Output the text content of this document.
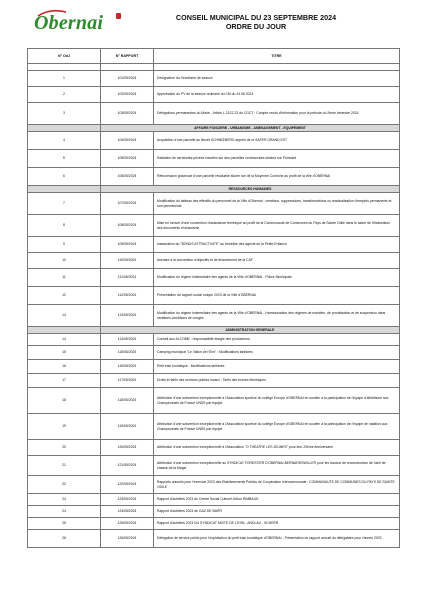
Obernai	CONSEIL MUNICIPAL DU 23 SEPTEMBRE 2024
ORDRE DU JOUR
N° OdJ	N° RAPPORT	TITRE

1	101/05/2024	Désignation du Secrétaire de séance
2	102/05/2024	Approbation du PV de la séance ordinaire du CM du 24 06 2024
3	103/05/2024	Délégations permanentes du Maire - Article L.2122-22 du CGCT : Compte-rendu d'information pour la période du 2ème trimestre 2024
	AFFAIRE FONCIERE - URBANISME - AMENAGEMENT - EQUIPEMENT	
4	104/05/2024	Acquisition d'une parcelle au lieudit SCHNEEBERG auprès de la SAFER GRAND EST
5	105/05/2024	Radiation de servitudes privées inscrites sur des parcelles communales situées rue Poincaré
6	106/05/2024	Rétrocession gracieuse d'une parcelle résiduelle située rue de la Moyenne Corniche au profit de la ville d'OBERNAI
	RESSOURCES HUMAINES	
7	107/05/2024	Modification du tableau des effectifs du personnel de la Ville d'Obernai : créations, suppressions, transformations ou réactualisation d'emplois permanents et non permanents
8	108/05/2024	Mise en oeuvre d'une convention d'assistance technique au profit de la Communauté de Communes du Pays de Sainte Odile dans le cadre de l'élaboration des documents d'urbanisme
9	109/05/2024	Instauration du "BONUS ATTRACTIVITE" au bénéfice des agents de la Petite Enfance
10	110/05/2024	Avenant à la convention d'objectifs et de financement de la CAF
11	111/05/2024	Modification du régime indemnitaire des agents de la Ville d'OBERNAI - Police Municipale
12	112/05/2024	Présentation du rapport social unique 2023 de la Ville d'OBERNAI
13	113/05/2024	Modification du régime indemnitaire des agents de la Ville d'OBERNAI - Harmonisation des régimes de maintien, de proratisation et de suspension dans certaines conditions de congés
	ADMINISTRATION GENERALE	
14	114/05/2024	Conseil aux ALCOME : responsabilité élargie des producteurs
15	115/05/2024	Camping municipal "Le Vallon de l'Ehn" : Modifications tarifaires
16	116/05/2024	Petit train touristique : Modifications tarifaires
17	117/05/2024	Droits et tarifs des services publics locaux : Tarifs des bornes électriques
18	118/05/2024	Attribution d'une subvention exceptionnelle à l'Association sportive du collège Europe d'OBERNAI en soutien à la participation de l'équipe d'athlétisme aux Championnats de France UNSS par équipe
19	119/05/2024	Attribution d'une subvention exceptionnelle à l'Association sportive du collège Europe d'OBERNAI en soutien à la participation de l'équipe de natation aux Championnats de France UNSS par équipe
20	120/05/2024	Attribution d'une subvention exceptionnelle à l'Association "O THEATRE LES JEUNES" pour leur 20ème anniversaire
21	121/05/2024	Attribution d'une subvention exceptionnelle au SYNDICAT FORESTIER D'OBERNAI-BERNARDSWILLER pour les travaux de reconstruction de l'abri de chasse de la Magel
22	122/05/2024	Rapports annuels pour l'exercice 2023 des Etablissements Publics de Coopération Intercommunale : COMMUNAUTE DE COMMUNES DU PAYS DE SAINTE ODILE
23	123/05/2024	Rapport d'activités 2023 du Centre Social Culturel Arthur RIMBAUD
24	124/05/2024	Rapport d'activités 2023 de GAZ DE BARR
25	125/05/2024	Rapport d'activités 2023 DU SYNDICAT MIXTE DE L'EHN - ANDLAU - SCHEER
26	126/05/2024	Délégation de service public pour l'exploitation du petit train touristique d'OBERNAI - Présentation du rapport annuel du délégataire pour l'année 2023
